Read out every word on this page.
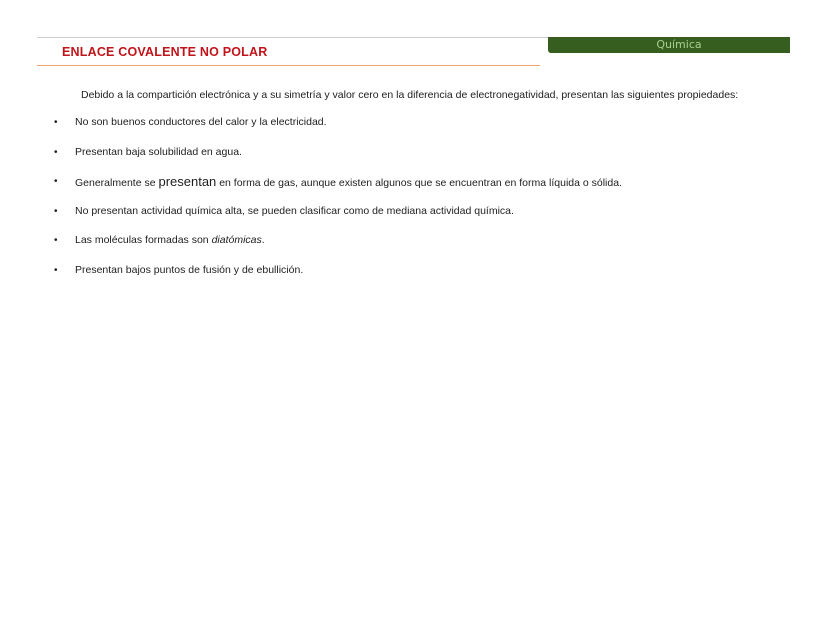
Química
ENLACE COVALENTE NO POLAR

Debido a la compartición electrónica y a su simetría y valor cero en la diferencia de electronegatividad, presentan las siguientes propiedades:

• No son buenos conductores del calor y la electricidad.
• Presentan baja solubilidad en agua.
• Generalmente se presentan en forma de gas, aunque existen algunos que se encuentran en forma líquida o sólida.
• No presentan actividad química alta, se pueden clasificar como de mediana actividad química.
• Las moléculas formadas son diatómicas.
• Presentan bajos puntos de fusión y de ebullición.
